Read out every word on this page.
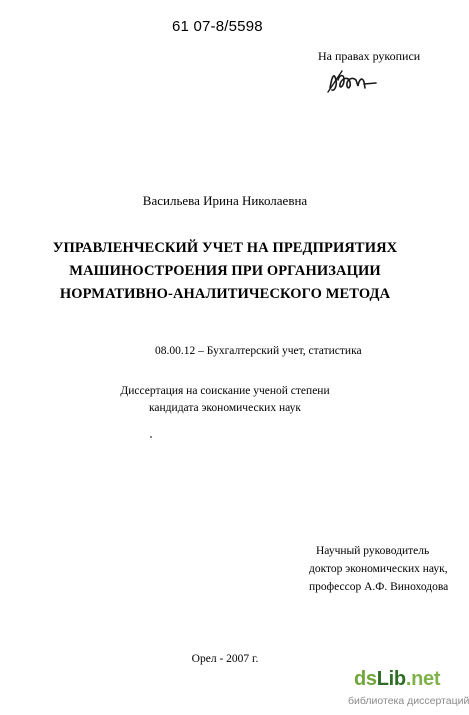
61 07-8/5598
На правах рукописи
Васильева Ирина Николаевна
УПРАВЛЕНЧЕСКИЙ УЧЕТ НА ПРЕДПРИЯТИЯХ
МАШИНОСТРОЕНИЯ ПРИ ОРГАНИЗАЦИИ
НОРМАТИВНО-АНАЛИТИЧЕСКОГО МЕТОДА
08.00.12 – Бухгалтерский учет, статистика
Диссертация на соискание ученой степени
кандидата экономических наук
Научный руководитель
доктор экономических наук,
профессор А.Ф. Виноходова
Орел - 2007 г.
dsLib.net
библиотека диссертаций
